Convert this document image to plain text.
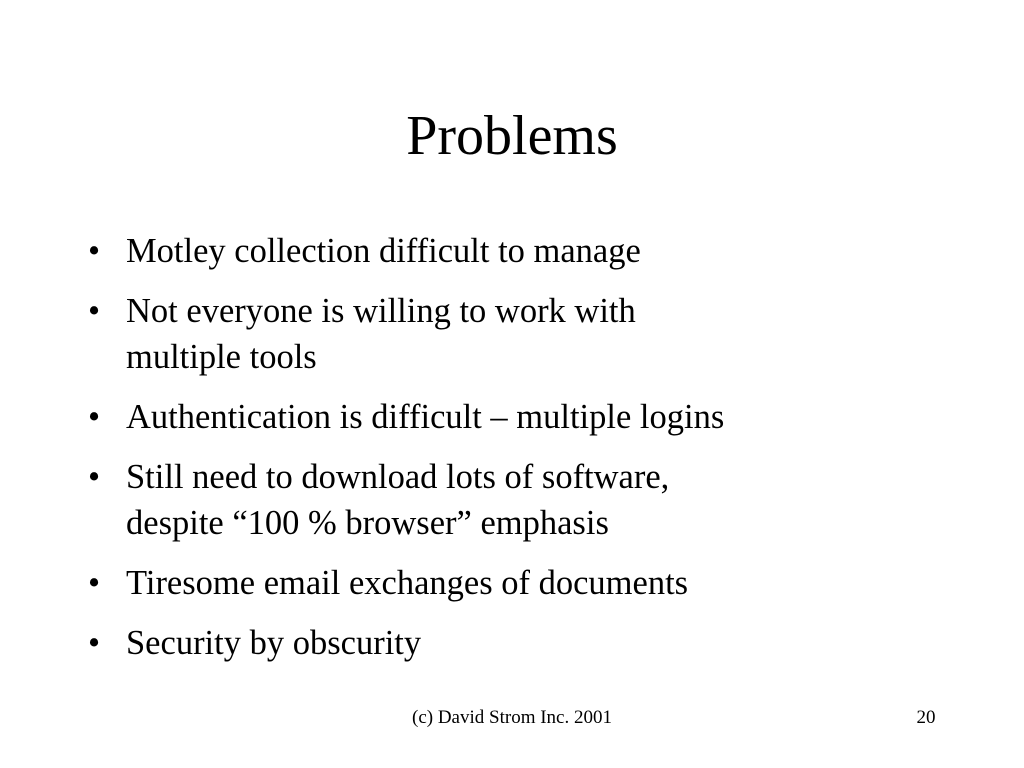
Problems
• Motley collection difficult to manage
• Not everyone is willing to work with
multiple tools
• Authentication is difficult – multiple logins
• Still need to download lots of software,
despite “100 % browser” emphasis
• Tiresome email exchanges of documents
• Security by obscurity
(c) David Strom Inc. 2001	20
